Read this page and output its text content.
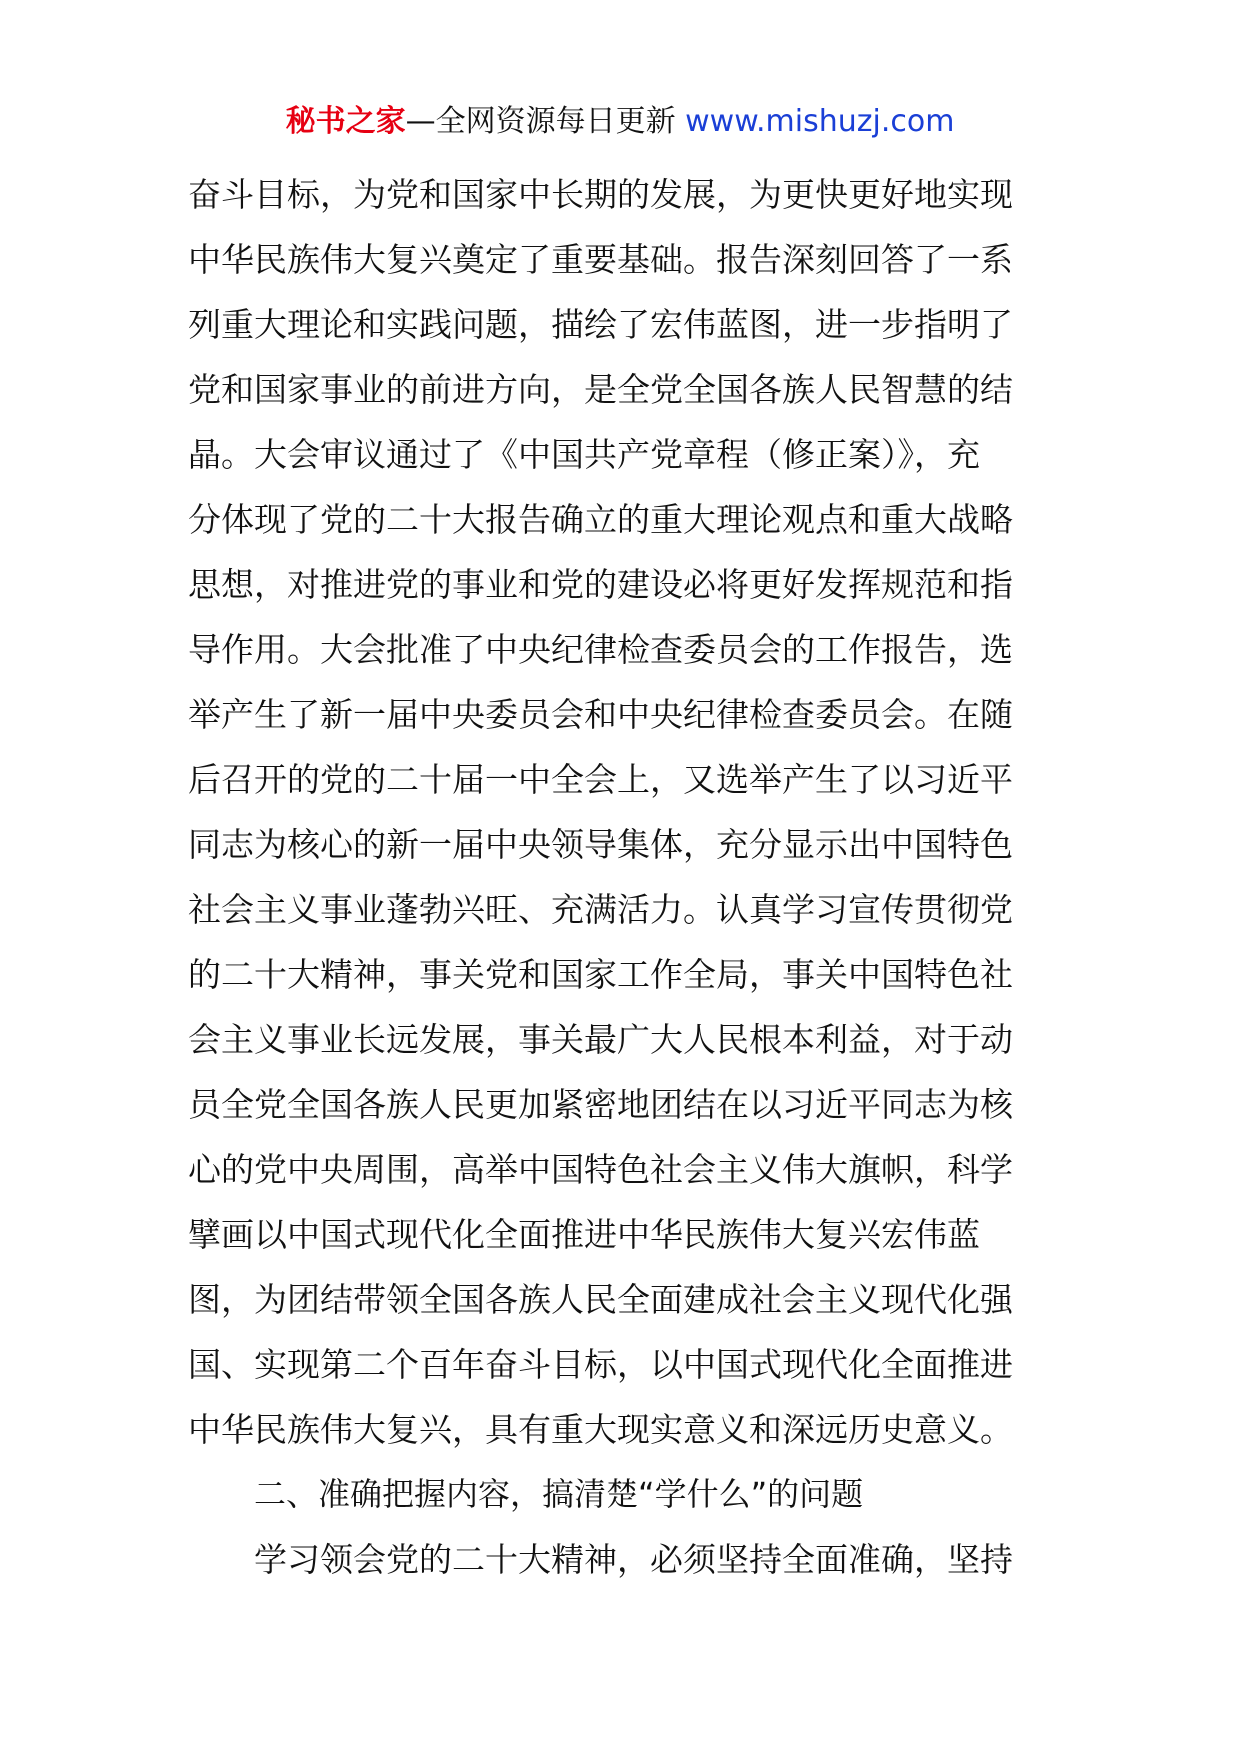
秘书之家—全网资源每日更新 www.mishuzj.com
奋斗目标，为党和国家中长期的发展，为更快更好地实现
中华民族伟大复兴奠定了重要基础。报告深刻回答了一系
列重大理论和实践问题，描绘了宏伟蓝图，进一步指明了
党和国家事业的前进方向，是全党全国各族人民智慧的结
晶。大会审议通过了《中国共产党章程（修正案）》，充
分体现了党的二十大报告确立的重大理论观点和重大战略
思想，对推进党的事业和党的建设必将更好发挥规范和指
导作用。大会批准了中央纪律检查委员会的工作报告，选
举产生了新一届中央委员会和中央纪律检查委员会。在随
后召开的党的二十届一中全会上，又选举产生了以习近平
同志为核心的新一届中央领导集体，充分显示出中国特色
社会主义事业蓬勃兴旺、充满活力。认真学习宣传贯彻党
的二十大精神，事关党和国家工作全局，事关中国特色社
会主义事业长远发展，事关最广大人民根本利益，对于动
员全党全国各族人民更加紧密地团结在以习近平同志为核
心的党中央周围，高举中国特色社会主义伟大旗帜，科学
擘画以中国式现代化全面推进中华民族伟大复兴宏伟蓝
图，为团结带领全国各族人民全面建成社会主义现代化强
国、实现第二个百年奋斗目标，以中国式现代化全面推进
中华民族伟大复兴，具有重大现实意义和深远历史意义。
二、准确把握内容，搞清楚“学什么”的问题
学习领会党的二十大精神，必须坚持全面准确，坚持
